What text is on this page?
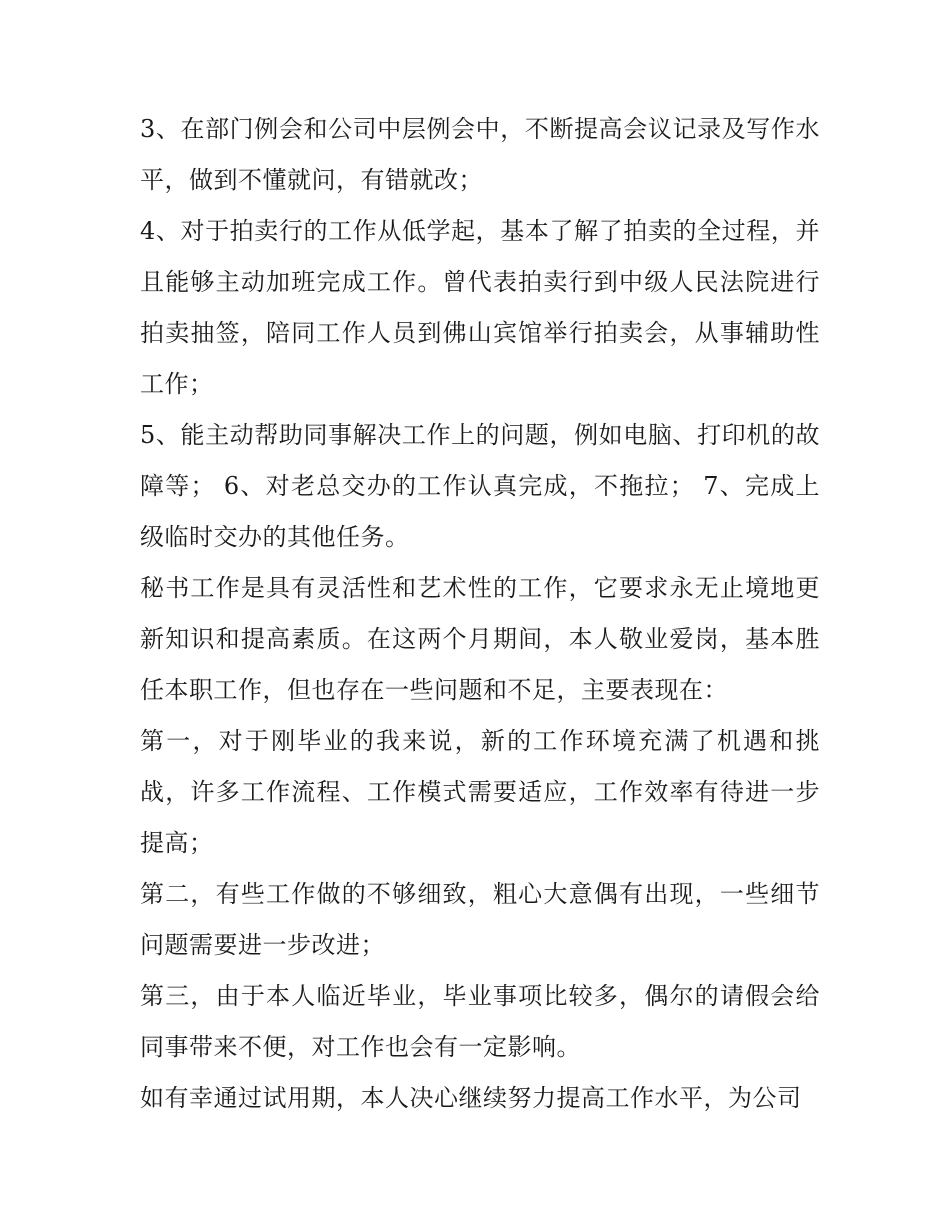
3、在部门例会和公司中层例会中，不断提高会议记录及写作水平，做到不懂就问，有错就改；

4、对于拍卖行的工作从低学起，基本了解了拍卖的全过程，并且能够主动加班完成工作。曾代表拍卖行到中级人民法院进行拍卖抽签，陪同工作人员到佛山宾馆举行拍卖会，从事辅助性工作；

5、能主动帮助同事解决工作上的问题，例如电脑、打印机的故障等； 6、对老总交办的工作认真完成，不拖拉； 7、完成上级临时交办的其他任务。

秘书工作是具有灵活性和艺术性的工作，它要求永无止境地更新知识和提高素质。在这两个月期间，本人敬业爱岗，基本胜任本职工作，但也存在一些问题和不足，主要表现在：

第一，对于刚毕业的我来说，新的工作环境充满了机遇和挑战，许多工作流程、工作模式需要适应，工作效率有待进一步提高；

第二，有些工作做的不够细致，粗心大意偶有出现，一些细节问题需要进一步改进；

第三，由于本人临近毕业，毕业事项比较多，偶尔的请假会给同事带来不便，对工作也会有一定影响。

如有幸通过试用期，本人决心继续努力提高工作水平，为公司
